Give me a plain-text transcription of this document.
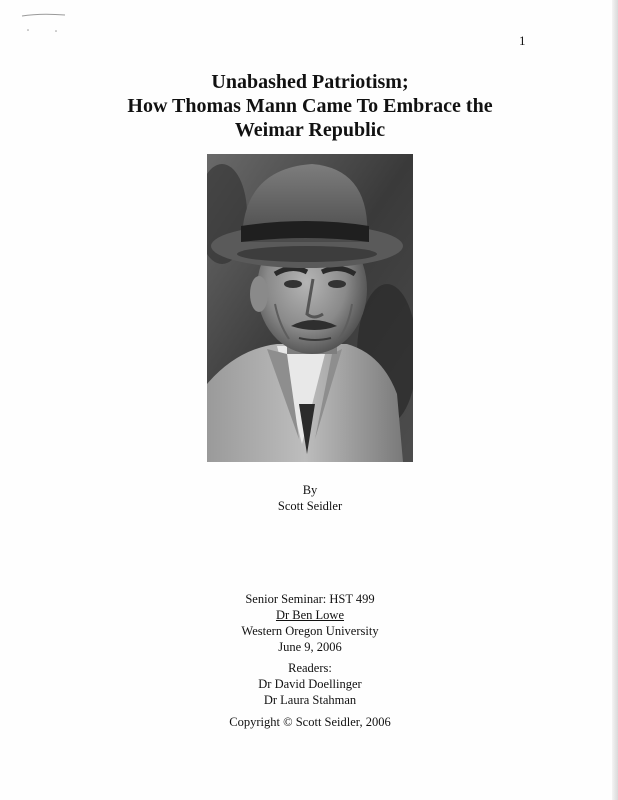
1
Unabashed Patriotism;
How Thomas Mann Came To Embrace the
Weimar Republic
By
Scott Seidler
Senior Seminar: HST 499
Dr Ben Lowe
Western Oregon University
June 9, 2006
Readers:
Dr David Doellinger
Dr Laura Stahman
Copyright © Scott Seidler, 2006
